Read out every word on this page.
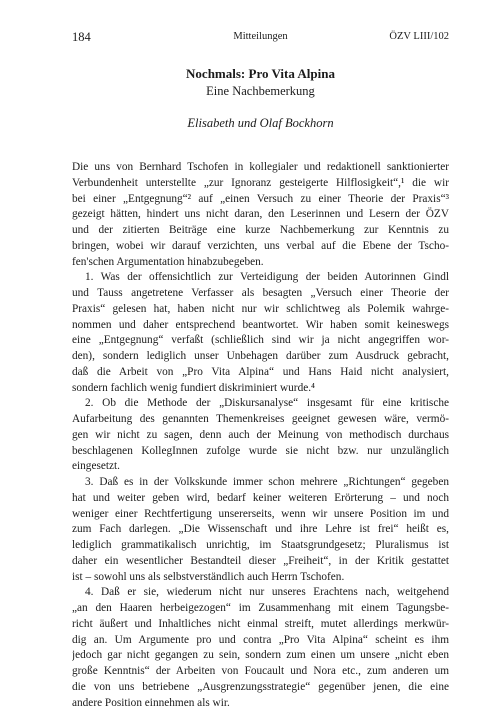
184	Mitteilungen	ÖZV LIII/102
Nochmals: Pro Vita Alpina
Eine Nachbemerkung
Elisabeth und Olaf Bockhorn
Die uns von Bernhard Tschofen in kollegialer und redaktionell sanktionierter
Verbundenheit unterstellte „zur Ignoranz gesteigerte Hilflosigkeit“,¹ die wir
bei einer „Entgegnung“² auf „einen Versuch zu einer Theorie der Praxis“³
gezeigt hätten, hindert uns nicht daran, den Leserinnen und Lesern der ÖZV
und der zitierten Beiträge eine kurze Nachbemerkung zur Kenntnis zu
bringen, wobei wir darauf verzichten, uns verbal auf die Ebene der Tscho-
fen'schen Argumentation hinabzubegeben.
1. Was der offensichtlich zur Verteidigung der beiden Autorinnen Gindl
und Tauss angetretene Verfasser als besagten „Versuch einer Theorie der
Praxis“ gelesen hat, haben nicht nur wir schlichtweg als Polemik wahrge-
nommen und daher entsprechend beantwortet. Wir haben somit keineswegs
eine „Entgegnung“ verfaßt (schließlich sind wir ja nicht angegriffen wor-
den), sondern lediglich unser Unbehagen darüber zum Ausdruck gebracht,
daß die Arbeit von „Pro Vita Alpina“ und Hans Haid nicht analysiert,
sondern fachlich wenig fundiert diskriminiert wurde.⁴
2. Ob die Methode der „Diskursanalyse“ insgesamt für eine kritische
Aufarbeitung des genannten Themenkreises geeignet gewesen wäre, vermö-
gen wir nicht zu sagen, denn auch der Meinung von methodisch durchaus
beschlagenen KollegInnen zufolge wurde sie nicht bzw. nur unzulänglich
eingesetzt.
3. Daß es in der Volkskunde immer schon mehrere „Richtungen“ gegeben
hat und weiter geben wird, bedarf keiner weiteren Erörterung – und noch
weniger einer Rechtfertigung unsererseits, wenn wir unsere Position im und
zum Fach darlegen. „Die Wissenschaft und ihre Lehre ist frei“ heißt es,
lediglich grammatikalisch unrichtig, im Staatsgrundgesetz; Pluralismus ist
daher ein wesentlicher Bestandteil dieser „Freiheit“, in der Kritik gestattet
ist – sowohl uns als selbstverständlich auch Herrn Tschofen.
4. Daß er sie, wiederum nicht nur unseres Erachtens nach, weitgehend
„an den Haaren herbeigezogen“ im Zusammenhang mit einem Tagungsbe-
richt äußert und Inhaltliches nicht einmal streift, mutet allerdings merkwür-
dig an. Um Argumente pro und contra „Pro Vita Alpina“ scheint es ihm
jedoch gar nicht gegangen zu sein, sondern zum einen um unsere „nicht eben
große Kenntnis“ der Arbeiten von Foucault und Nora etc., zum anderen um
die von uns betriebene „Ausgrenzungsstrategie“ gegenüber jenen, die eine
andere Position einnehmen als wir.
